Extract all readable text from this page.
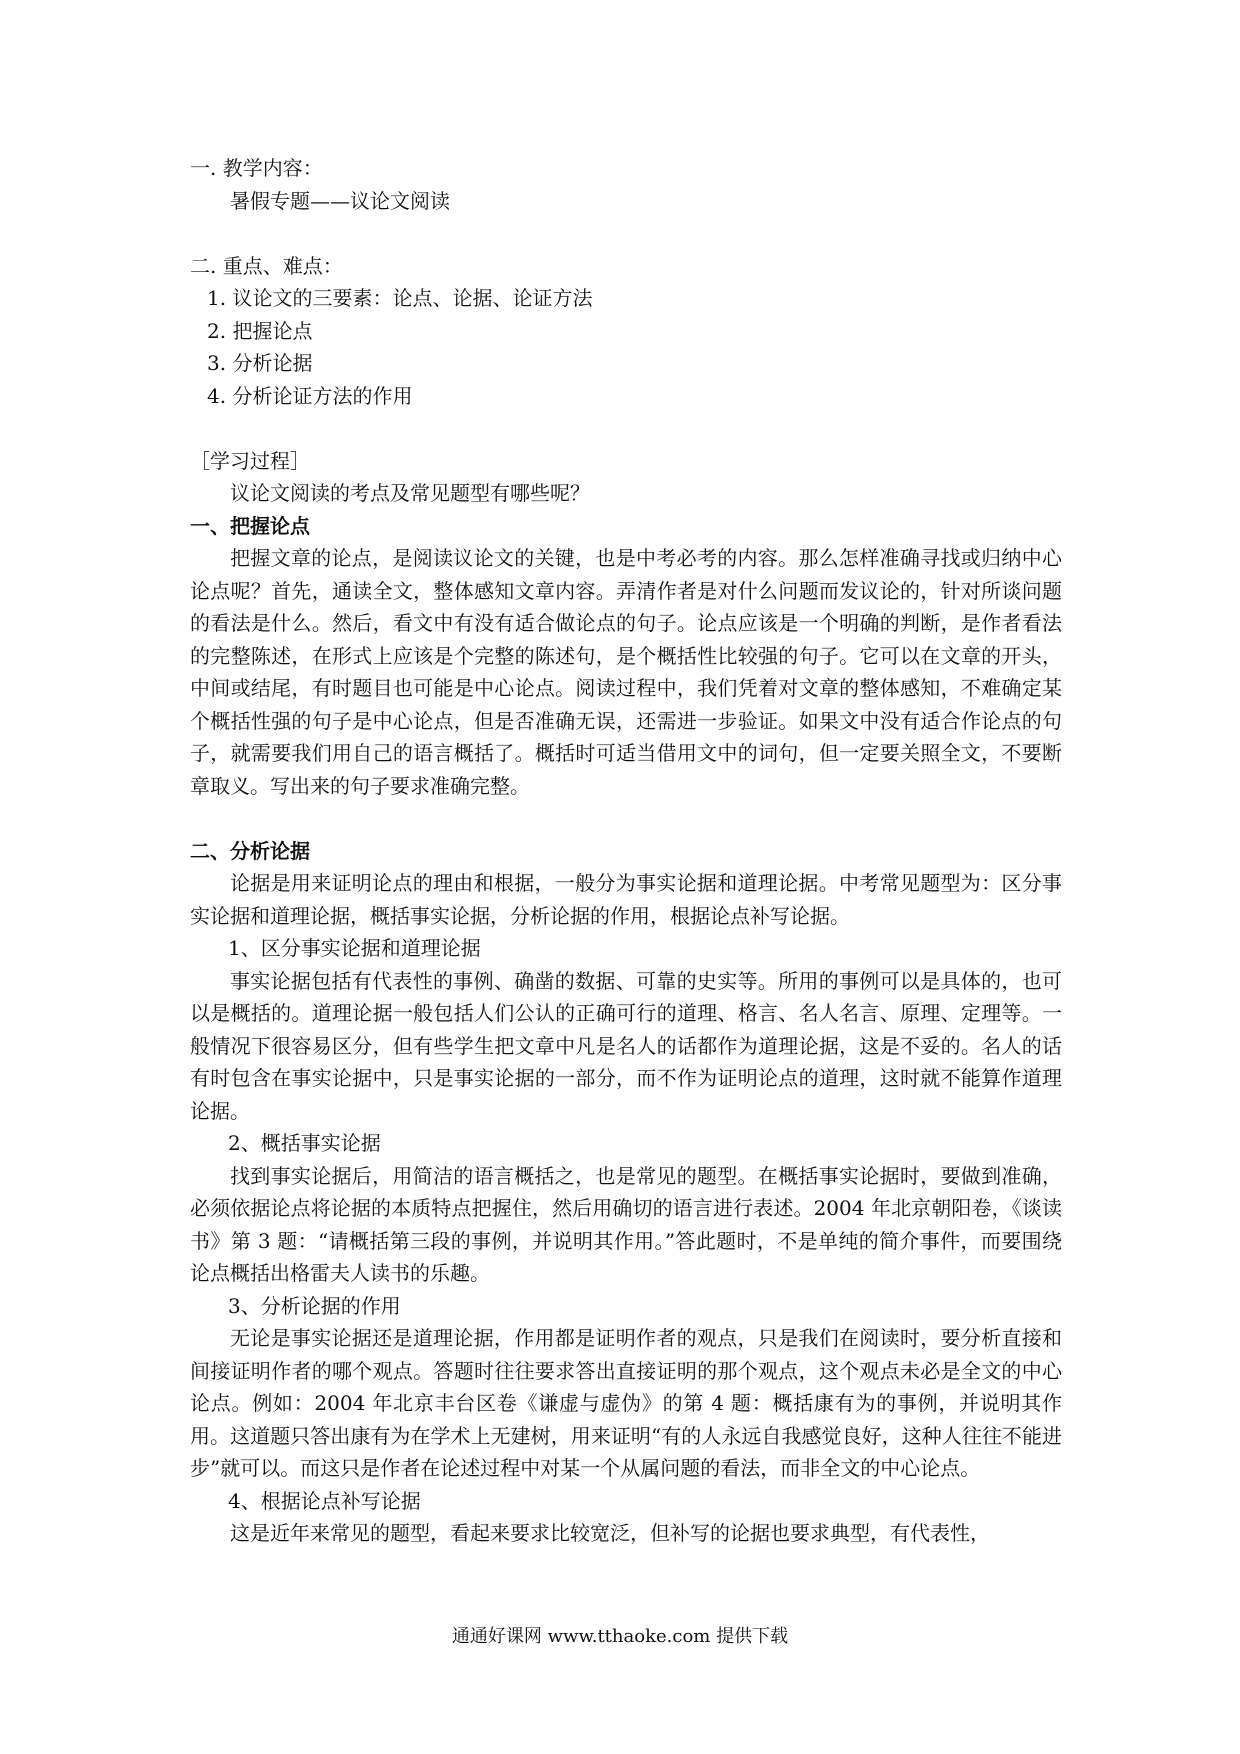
一. 教学内容：

暑假专题——议论文阅读

二. 重点、难点：

1. 议论文的三要素：论点、论据、论证方法

2. 把握论点

3. 分析论据

4. 分析论证方法的作用

［学习过程］

议论文阅读的考点及常见题型有哪些呢？

一、把握论点

把握文章的论点，是阅读议论文的关键，也是中考必考的内容。那么怎样准确寻找或归纳中心论点呢？首先，通读全文，整体感知文章内容。弄清作者是对什么问题而发议论的，针对所谈问题的看法是什么。然后，看文中有没有适合做论点的句子。论点应该是一个明确的判断，是作者看法的完整陈述，在形式上应该是个完整的陈述句，是个概括性比较强的句子。它可以在文章的开头，中间或结尾，有时题目也可能是中心论点。阅读过程中，我们凭着对文章的整体感知，不难确定某个概括性强的句子是中心论点，但是否准确无误，还需进一步验证。如果文中没有适合作论点的句子，就需要我们用自己的语言概括了。概括时可适当借用文中的词句，但一定要关照全文，不要断章取义。写出来的句子要求准确完整。

二、分析论据

论据是用来证明论点的理由和根据，一般分为事实论据和道理论据。中考常见题型为：区分事实论据和道理论据，概括事实论据，分析论据的作用，根据论点补写论据。

1、区分事实论据和道理论据

事实论据包括有代表性的事例、确凿的数据、可靠的史实等。所用的事例可以是具体的，也可以是概括的。道理论据一般包括人们公认的正确可行的道理、格言、名人名言、原理、定理等。一般情况下很容易区分，但有些学生把文章中凡是名人的话都作为道理论据，这是不妥的。名人的话有时包含在事实论据中，只是事实论据的一部分，而不作为证明论点的道理，这时就不能算作道理论据。

2、概括事实论据

找到事实论据后，用简洁的语言概括之，也是常见的题型。在概括事实论据时，要做到准确，必须依据论点将论据的本质特点把握住，然后用确切的语言进行表述。2004 年北京朝阳卷，《谈读书》第 3 题：“请概括第三段的事例，并说明其作用。”答此题时，不是单纯的简介事件，而要围绕论点概括出格雷夫人读书的乐趣。

3、分析论据的作用

无论是事实论据还是道理论据，作用都是证明作者的观点，只是我们在阅读时，要分析直接和间接证明作者的哪个观点。答题时往往要求答出直接证明的那个观点，这个观点未必是全文的中心论点。例如：2004 年北京丰台区卷《谦虚与虚伪》的第 4 题：概括康有为的事例，并说明其作用。这道题只答出康有为在学术上无建树，用来证明“有的人永远自我感觉良好，这种人往往不能进步”就可以。而这只是作者在论述过程中对某一个从属问题的看法，而非全文的中心论点。

4、根据论点补写论据

这是近年来常见的题型，看起来要求比较宽泛，但补写的论据也要求典型，有代表性，

通通好课网 www.tthaoke.com 提供下载
